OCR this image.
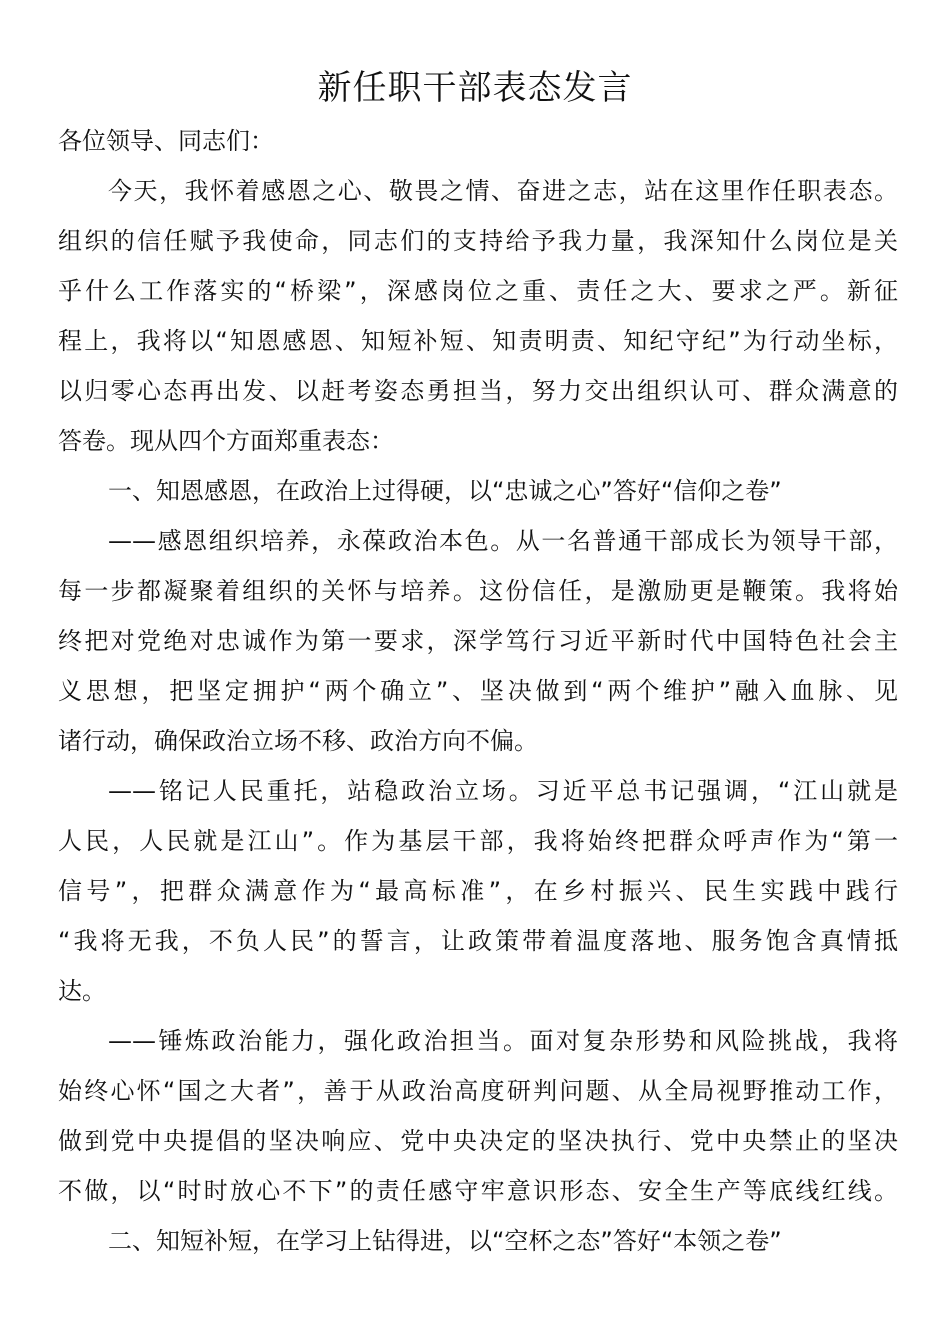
新任职干部表态发言

各位领导、同志们：

今天，我怀着感恩之心、敬畏之情、奋进之志，站在这里作任职表态。

组织的信任赋予我使命，同志们的支持给予我力量，我深知什么岗位是关

乎什么工作落实的“桥梁”，深感岗位之重、责任之大、要求之严。新征

程上，我将以“知恩感恩、知短补短、知责明责、知纪守纪”为行动坐标，

以归零心态再出发、以赶考姿态勇担当，努力交出组织认可、群众满意的

答卷。现从四个方面郑重表态：

一、知恩感恩，在政治上过得硬，以“忠诚之心”答好“信仰之卷”

——感恩组织培养，永葆政治本色。从一名普通干部成长为领导干部，

每一步都凝聚着组织的关怀与培养。这份信任，是激励更是鞭策。我将始

终把对党绝对忠诚作为第一要求，深学笃行习近平新时代中国特色社会主

义思想，把坚定拥护“两个确立”、坚决做到“两个维护”融入血脉、见

诸行动，确保政治立场不移、政治方向不偏。

——铭记人民重托，站稳政治立场。习近平总书记强调，“江山就是

人民，人民就是江山”。作为基层干部，我将始终把群众呼声作为“第一

信号”，把群众满意作为“最高标准”，在乡村振兴、民生实践中践行

“我将无我，不负人民”的誓言，让政策带着温度落地、服务饱含真情抵

达。

——锤炼政治能力，强化政治担当。面对复杂形势和风险挑战，我将

始终心怀“国之大者”，善于从政治高度研判问题、从全局视野推动工作，

做到党中央提倡的坚决响应、党中央决定的坚决执行、党中央禁止的坚决

不做，以“时时放心不下”的责任感守牢意识形态、安全生产等底线红线。

二、知短补短，在学习上钻得进，以“空杯之态”答好“本领之卷”
